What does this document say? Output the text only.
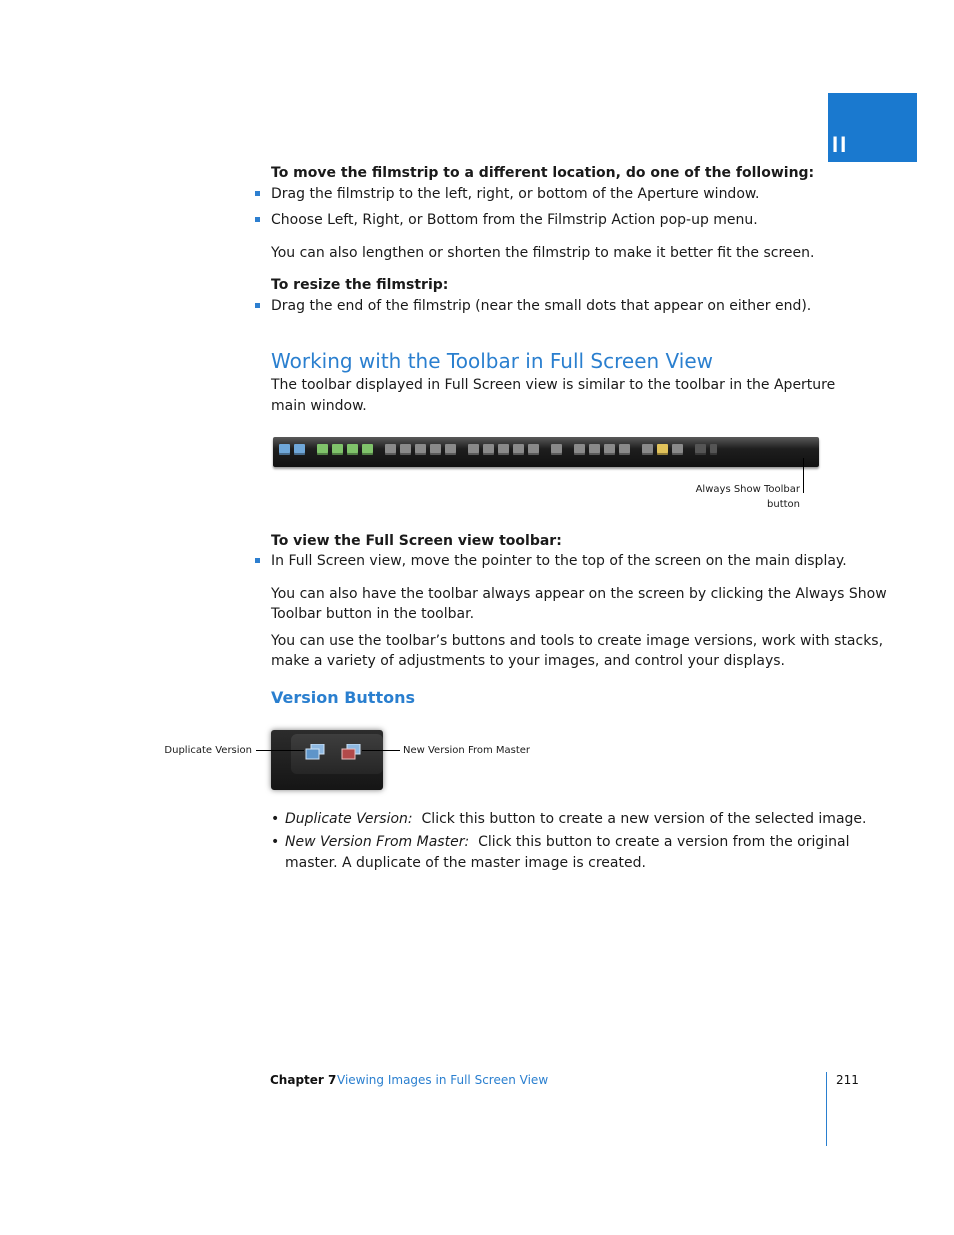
II
To move the filmstrip to a different location, do one of the following:
Drag the filmstrip to the left, right, or bottom of the Aperture window.
Choose Left, Right, or Bottom from the Filmstrip Action pop-up menu.
You can also lengthen or shorten the filmstrip to make it better fit the screen.
To resize the filmstrip:
Drag the end of the filmstrip (near the small dots that appear on either end).
Working with the Toolbar in Full Screen View
The toolbar displayed in Full Screen view is similar to the toolbar in the Aperture
main window.
Always Show Toolbar
button
To view the Full Screen view toolbar:
In Full Screen view, move the pointer to the top of the screen on the main display.
You can also have the toolbar always appear on the screen by clicking the Always Show
Toolbar button in the toolbar.
You can use the toolbar’s buttons and tools to create image versions, work with stacks,
make a variety of adjustments to your images, and control your displays.
Version Buttons
Duplicate Version	New Version From Master
• Duplicate Version: Click this button to create a new version of the selected image.
• New Version From Master: Click this button to create a version from the original
master. A duplicate of the master image is created.
Chapter 7 Viewing Images in Full Screen View	211
